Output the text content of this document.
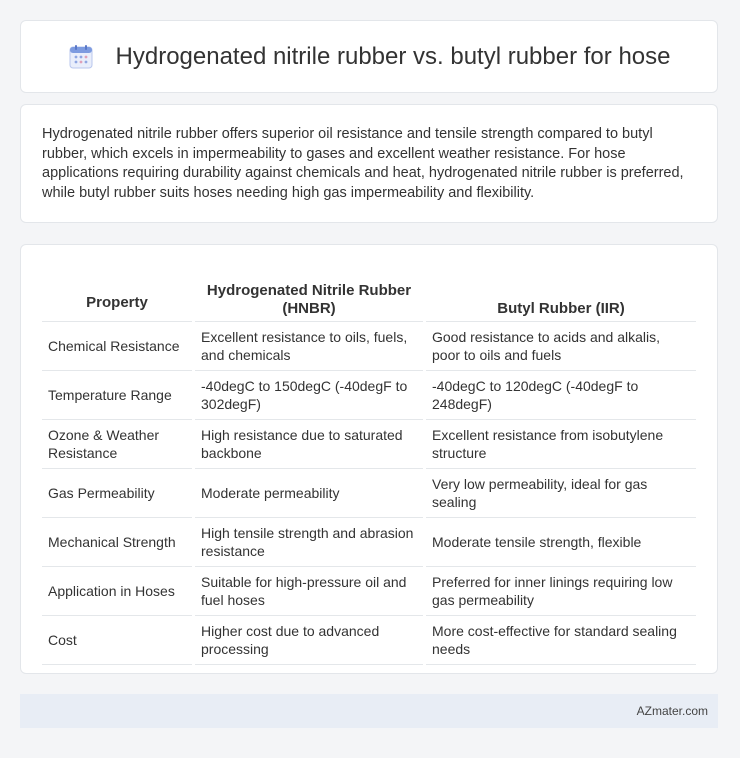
Hydrogenated nitrile rubber vs. butyl rubber for hose

Hydrogenated nitrile rubber offers superior oil resistance and tensile strength compared to butyl rubber, which excels in impermeability to gases and excellent weather resistance. For hose applications requiring durability against chemicals and heat, hydrogenated nitrile rubber is preferred, while butyl rubber suits hoses needing high gas impermeability and flexibility.

Property	Hydrogenated Nitrile Rubber (HNBR)	Butyl Rubber (IIR)
Chemical Resistance	Excellent resistance to oils, fuels, and chemicals	Good resistance to acids and alkalis, poor to oils and fuels
Temperature Range	-40degC to 150degC (-40degF to 302degF)	-40degC to 120degC (-40degF to 248degF)
Ozone & Weather Resistance	High resistance due to saturated backbone	Excellent resistance from isobutylene structure
Gas Permeability	Moderate permeability	Very low permeability, ideal for gas sealing
Mechanical Strength	High tensile strength and abrasion resistance	Moderate tensile strength, flexible
Application in Hoses	Suitable for high-pressure oil and fuel hoses	Preferred for inner linings requiring low gas permeability
Cost	Higher cost due to advanced processing	More cost-effective for standard sealing needs
AZmater.com
